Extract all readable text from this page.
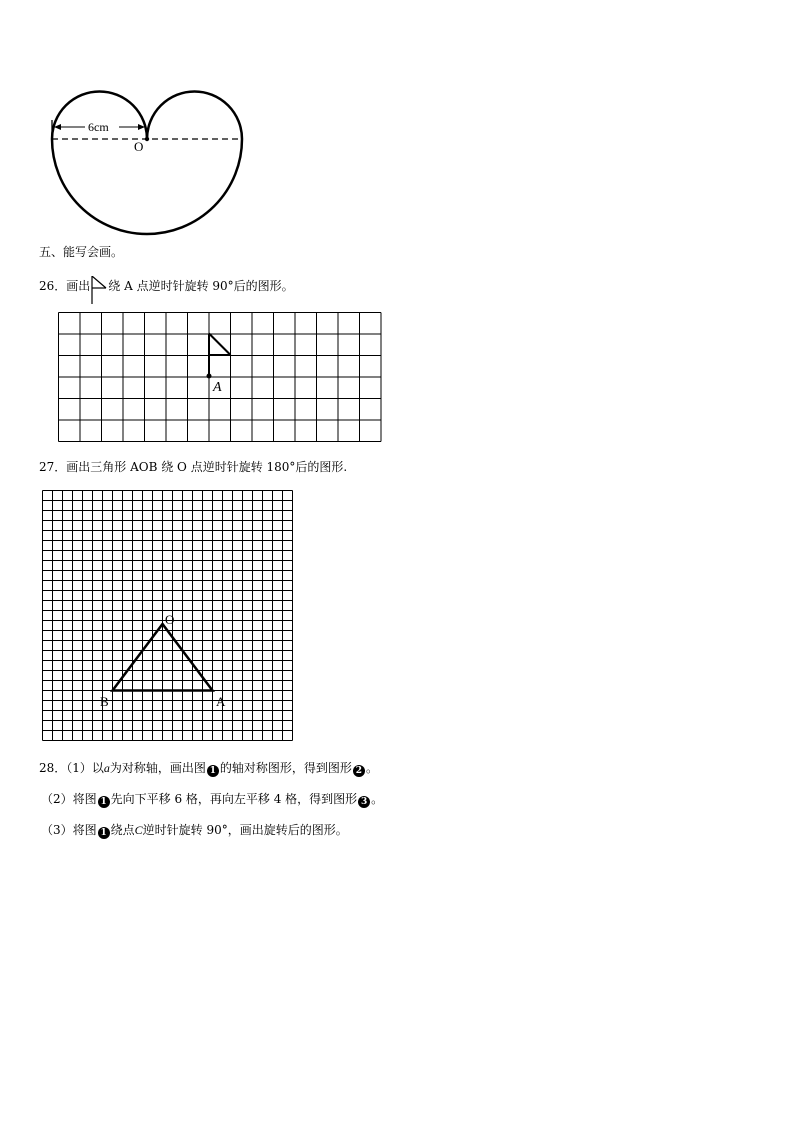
6cm
O
五、能写会画。
26．画出 绕 A 点逆时针旋转 90°后的图形。
A
27．画出三角形 AOB 绕 O 点逆时针旋转 180°后的图形.
O
B	A
28．（1）以a为对称轴，画出图 1 的轴对称图形，得到图形 2 。
（2）将图 1 先向下平移 6 格，再向左平移 4 格，得到图形 3 。
（3）将图 1 绕点C逆时针旋转 90°，画出旋转后的图形。
